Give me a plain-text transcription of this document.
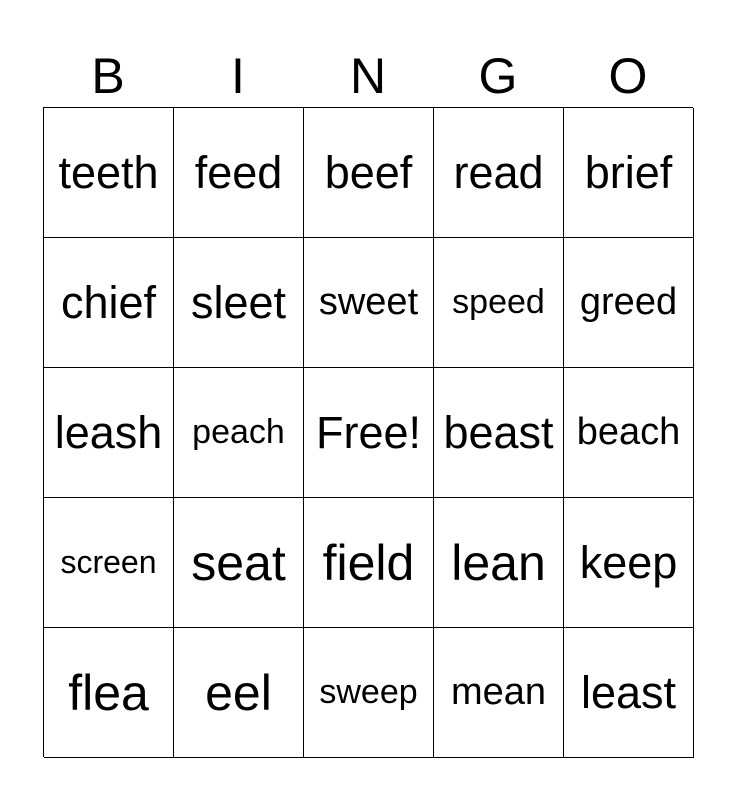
B	I	N	G	O
teeth feed beef read brief
chief sleet sweet	speed greed
leash peach Free! beast beach
screen seat field lean keep
flea	eel	sweep mean least
